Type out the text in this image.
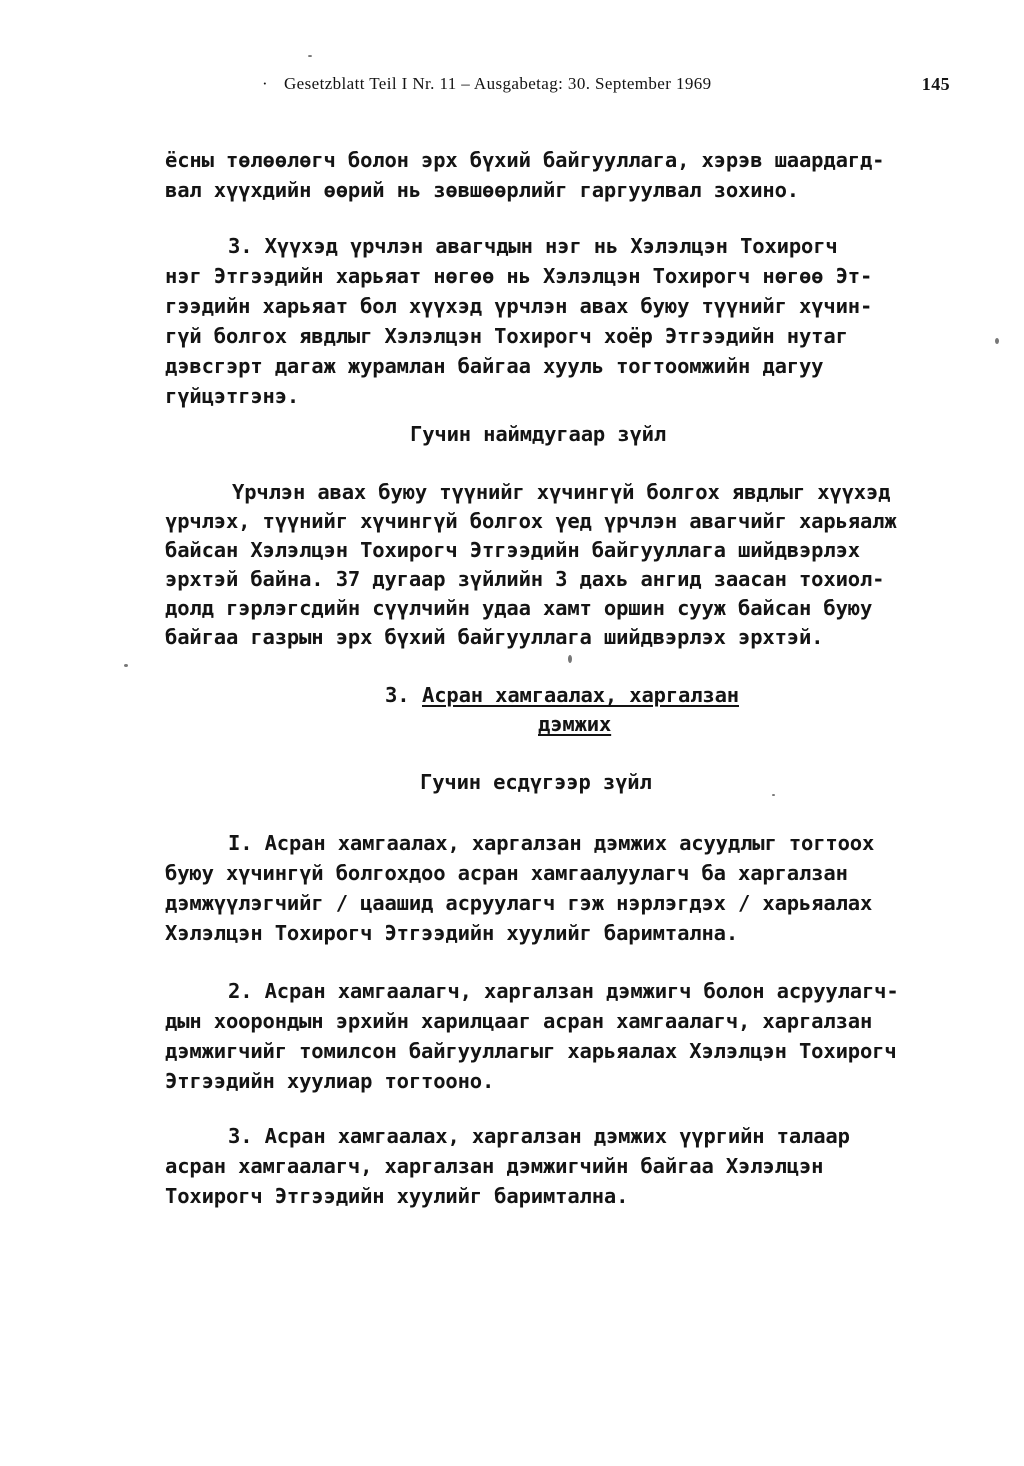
· Gesetzblatt Teil I Nr. 11 – Ausgabetag: 30. September 1969	145
ёсны төлөөлөгч болон эрх бүхий байгууллага, хэрэв шаардагд-
вал хүүхдийн өөрий нь зөвшөөрлийг гаргуулвал зохино.
3. Хүүхэд үрчлэн авагчдын нэг нь Хэлэлцэн Тохирогч
нэг Этгээдийн харьяат нөгөө нь Хэлэлцэн Тохирогч нөгөө Эт-
гээдийн харьяат бол хүүхэд үрчлэн авах буюу түүнийг хүчин-
гүй болгох явдлыг Хэлэлцэн Тохирогч хоёр Этгээдийн нутаг
дэвсгэрт дагаж журамлан байгаа хууль тогтоомжийн дагуу
гүйцэтгэнэ.
Гучин наймдугаар зүйл
Үрчлэн авах буюу түүнийг хүчингүй болгох явдлыг хүүхэд
үрчлэх, түүнийг хүчингүй болгох үед үрчлэн авагчийг харьяалж
байсан Хэлэлцэн Тохирогч Этгээдийн байгууллага шийдвэрлэх
эрхтэй байна. 37 дугаар зүйлийн 3 дахь ангид заасан тохиол-
долд гэрлэгсдийн сүүлчийн удаа хамт оршин сууж байсан буюу
байгаа газрын эрх бүхий байгууллага шийдвэрлэх эрхтэй.
3. Асран хамгаалах, харгалзан
дэмжих
Гучин есдүгээр зүйл
I. Асран хамгаалах, харгалзан дэмжих асуудлыг тогтоох
буюу хүчингүй болгохдоо асран хамгаалуулагч ба харгалзан
дэмжүүлэгчийг / цаашид асруулагч гэж нэрлэгдэх / харьяалах
Хэлэлцэн Тохирогч Этгээдийн хуулийг баримтална.
2. Асран хамгаалагч, харгалзан дэмжигч болон асруулагч-
дын хоорондын эрхийн харилцааг асран хамгаалагч, харгалзан
дэмжигчийг томилсон байгууллагыг харьяалах Хэлэлцэн Тохирогч
Этгээдийн хуулиар тогтооно.
3. Асран хамгаалах, харгалзан дэмжих үүргийн талаар
асран хамгаалагч, харгалзан дэмжигчийн байгаа Хэлэлцэн
Тохирогч Этгээдийн хуулийг баримтална.
